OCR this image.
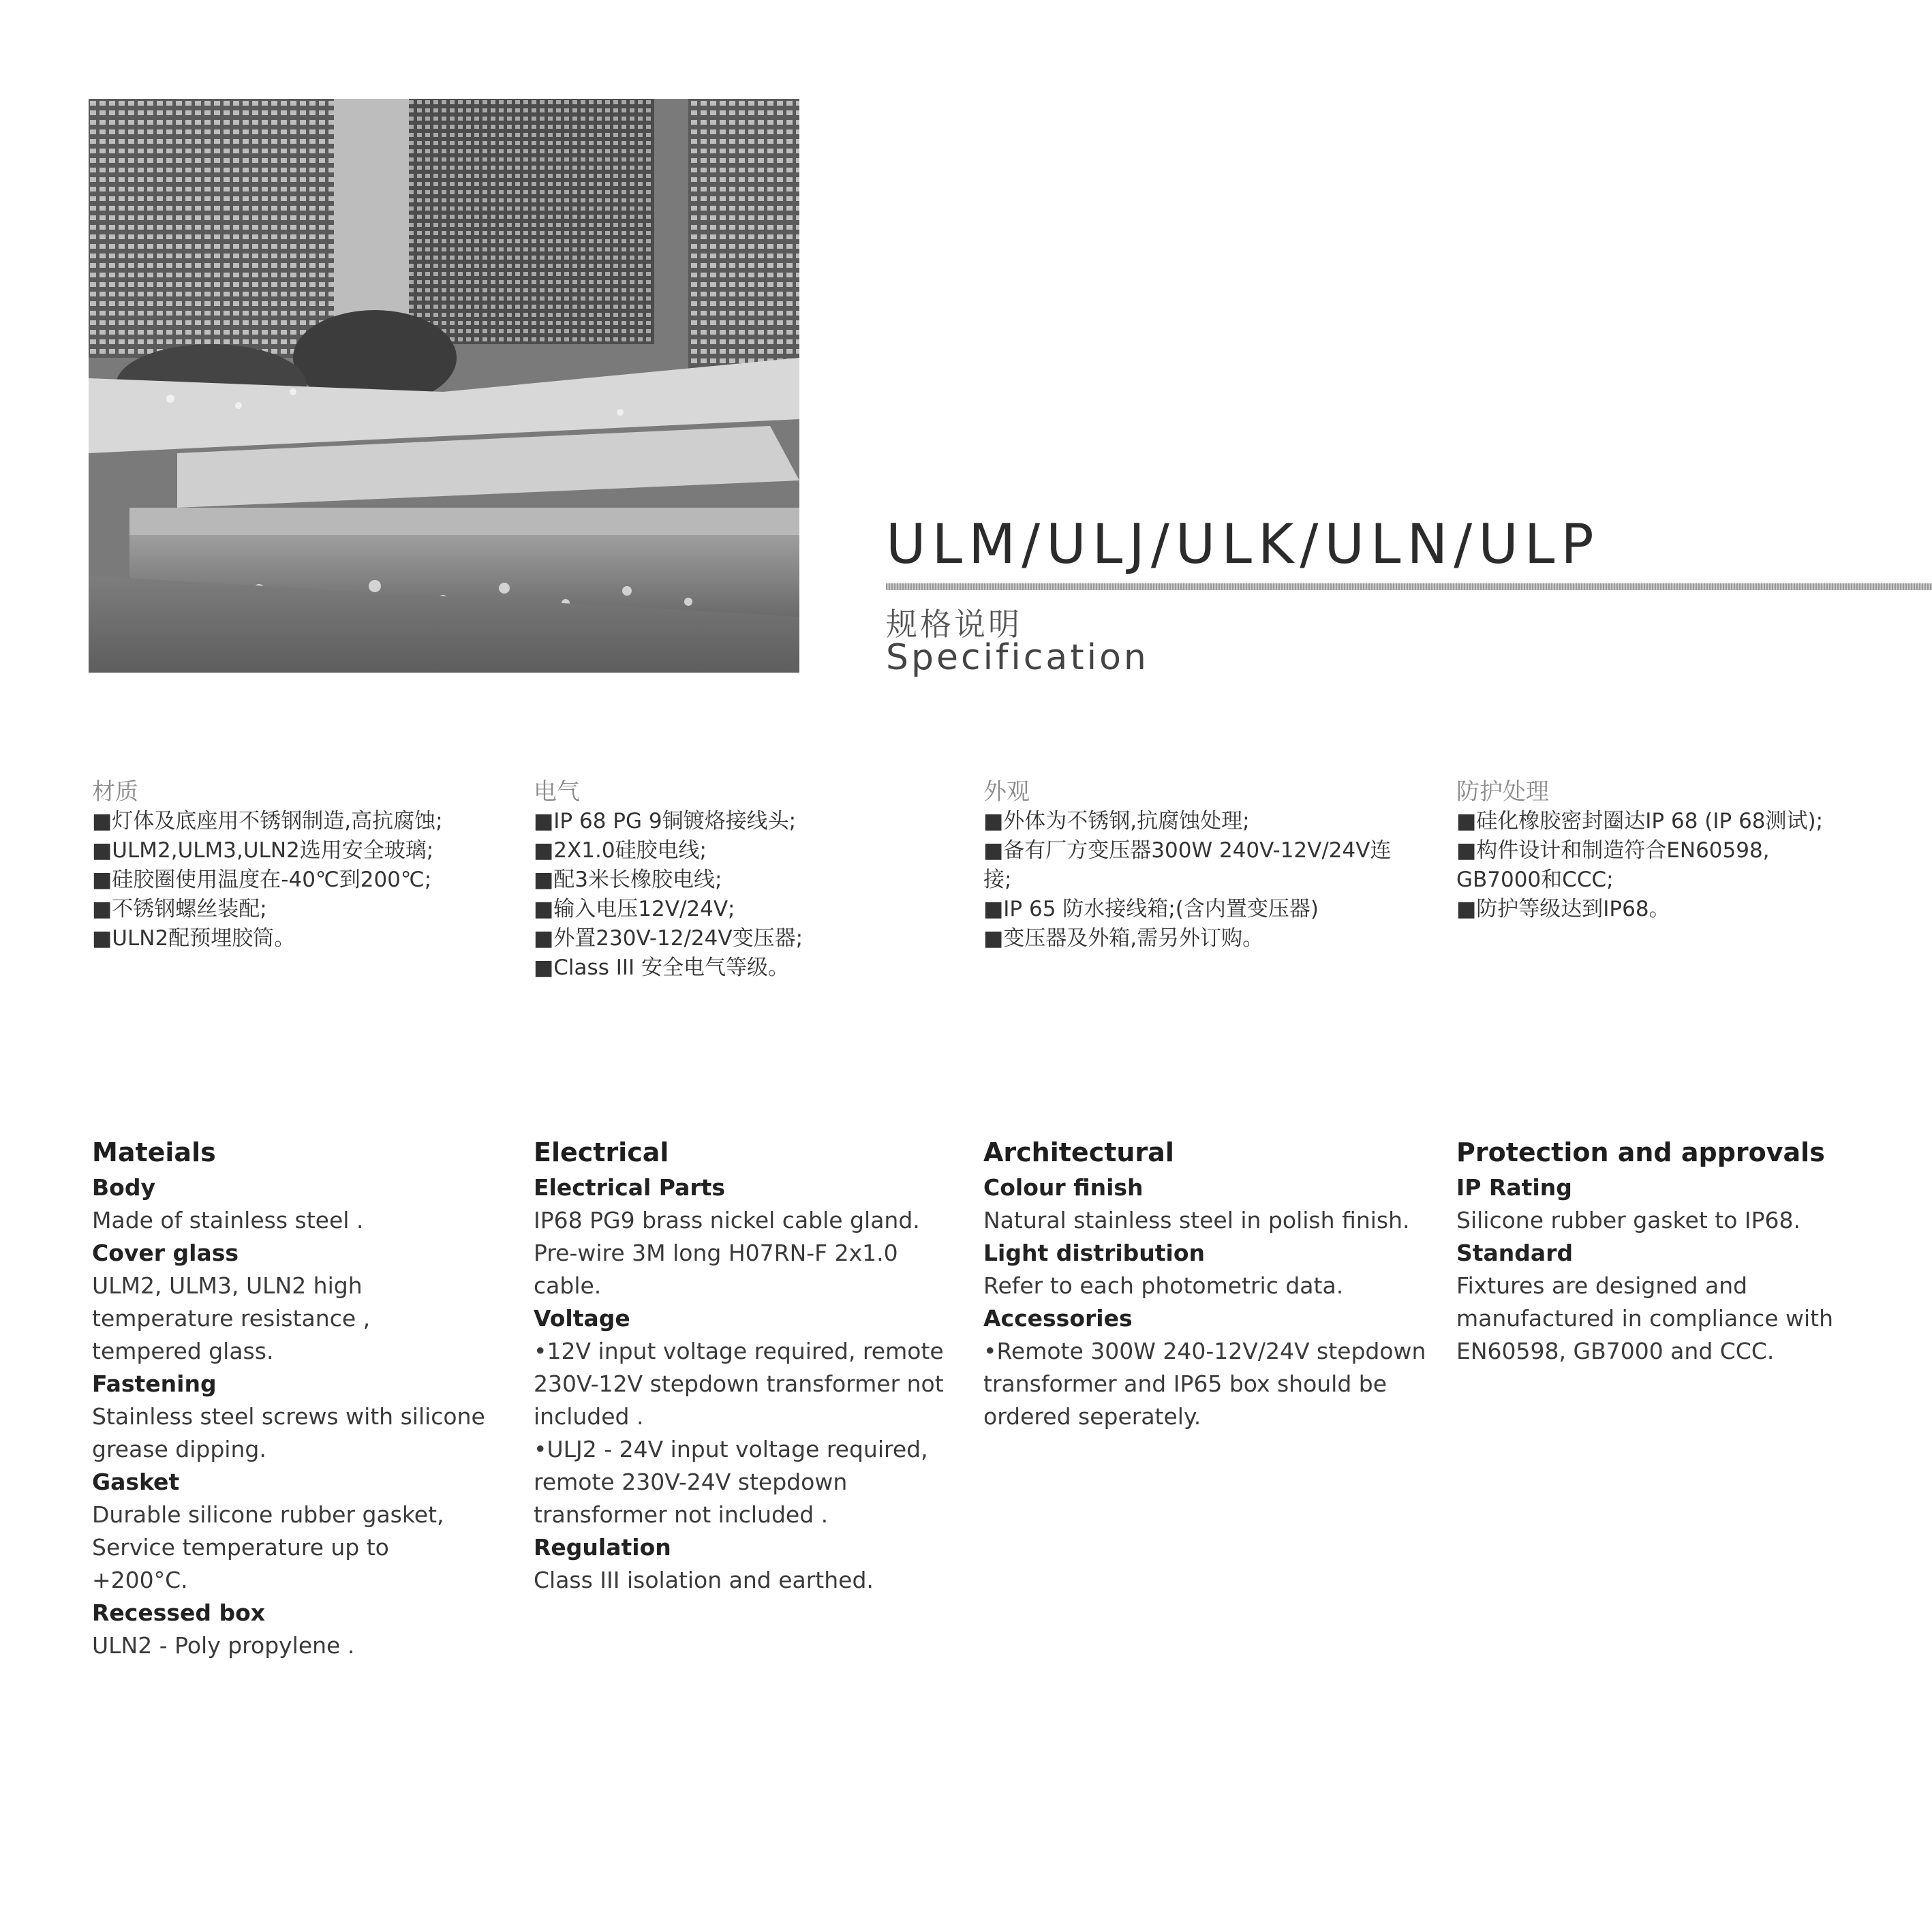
ULM/ULJ/ULK/ULN/ULP
规格说明
Specification
材质
■灯体及底座用不锈钢制造,高抗腐蚀;
■ULM2,ULM3,ULN2选用安全玻璃;
■硅胶圈使用温度在-40℃到200℃;
■不锈钢螺丝装配;
■ULN2配预埋胶筒。
电气
■IP 68 PG 9铜镀烙接线头;
■2X1.0硅胶电线;
■配3米长橡胶电线;
■输入电压12V/24V;
■外置230V-12/24V变压器;
■Class III 安全电气等级。
外观
■外体为不锈钢,抗腐蚀处理;
■备有厂方变压器300W 240V-12V/24V连接;
■IP 65 防水接线箱;(含内置变压器)
■变压器及外箱,需另外订购。
防护处理
■硅化橡胶密封圈达IP 68 (IP 68测试);
■构件设计和制造符合EN60598, GB7000和CCC;
■防护等级达到IP68。
Mateials
Body
Made of stainless steel .
Cover glass
ULM2, ULM3, ULN2 high
temperature resistance ,
tempered glass.
Fastening
Stainless steel screws with silicone
grease dipping.
Gasket
Durable silicone rubber gasket,
Service temperature up to
+200°C.
Recessed box
ULN2 - Poly propylene .
Electrical
Electrical Parts
IP68 PG9 brass nickel cable gland.
Pre-wire 3M long H07RN-F 2x1.0
cable.
Voltage
•12V input voltage required, remote
230V-12V stepdown transformer not
included .
•ULJ2 - 24V input voltage required,
remote 230V-24V stepdown
transformer not included .
Regulation
Class III isolation and earthed.
Architectural
Colour finish
Natural stainless steel in polish finish.
Light distribution
Refer to each photometric data.
Accessories
•Remote 300W 240-12V/24V stepdown
transformer and IP65 box should be
ordered seperately.
Protection and approvals
IP Rating
Silicone rubber gasket to IP68.
Standard
Fixtures are designed and
manufactured in compliance with
EN60598, GB7000 and CCC.
